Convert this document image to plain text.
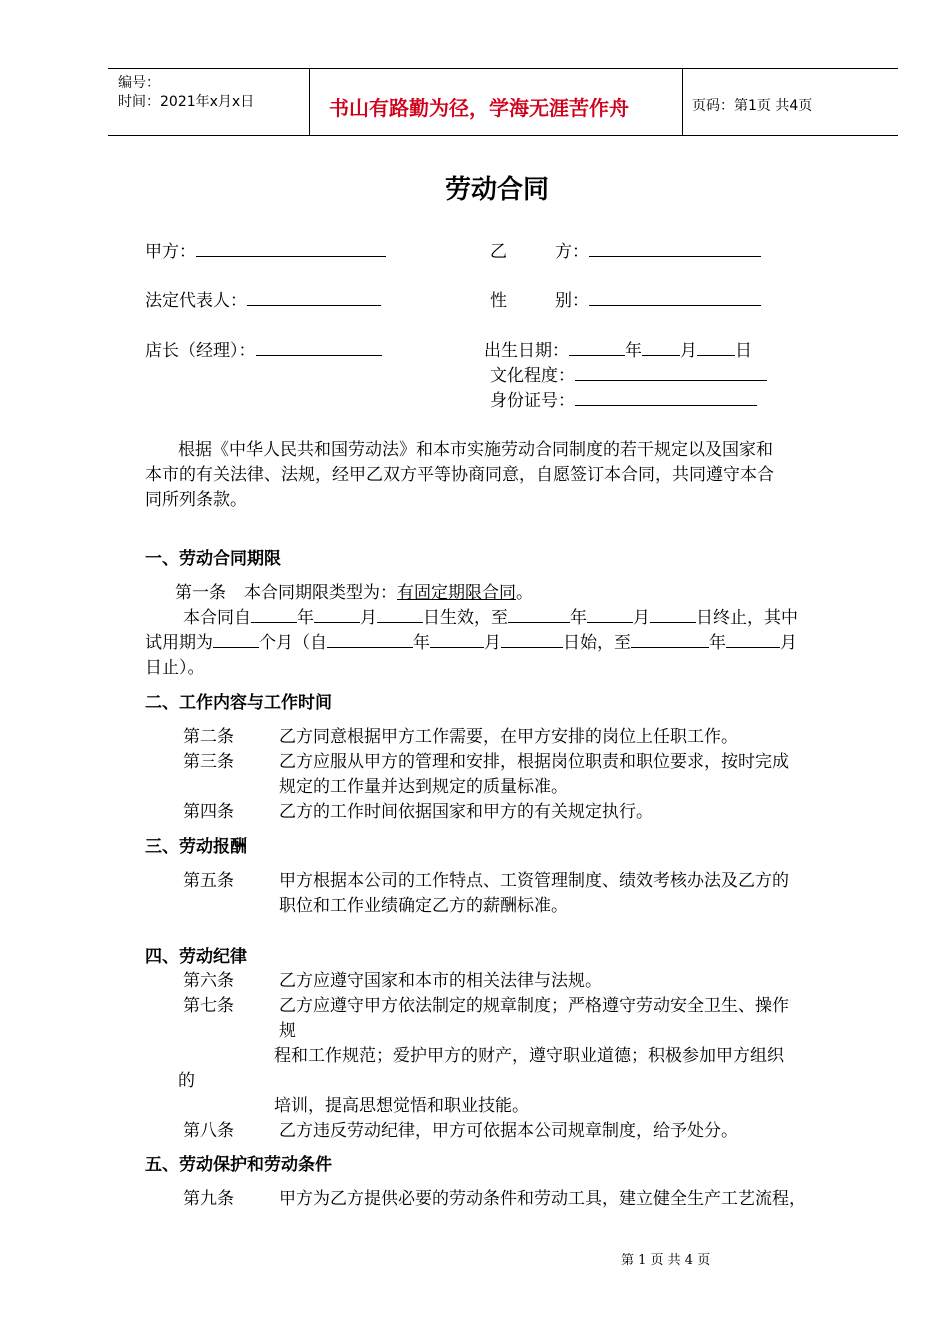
编号：
时间：2021年x月x日	书山有路勤为径，学海无涯苦作舟	页码：第1页 共4页
劳动合同
甲方：	乙	方：
法定代表人：	性	别：
店长（经理）：	出生日期：	年 月 日
文化程度：
身份证号：
根据《中华人民共和国劳动法》和本市实施劳动合同制度的若干规定以及国家和
本市的有关法律、法规，经甲乙双方平等协商同意，自愿签订本合同，共同遵守本合
同所列条款。
一、劳动合同期限
第一条 本合同期限类型为：有固定期限合同。
本合同自	年	月	日生效，至	年	月	日终止，其中
试用期为	个月（自	年	月	日始，至	年	月
日止）。
二、工作内容与工作时间
第二条	乙方同意根据甲方工作需要，在甲方安排的岗位上任职工作。
第三条	乙方应服从甲方的管理和安排，根据岗位职责和职位要求，按时完成
规定的工作量并达到规定的质量标准。
第四条	乙方的工作时间依据国家和甲方的有关规定执行。
三、劳动报酬
第五条	甲方根据本公司的工作特点、工资管理制度、绩效考核办法及乙方的
职位和工作业绩确定乙方的薪酬标准。
四、劳动纪律
第六条	乙方应遵守国家和本市的相关法律与法规。
第七条	乙方应遵守甲方依法制定的规章制度；严格遵守劳动安全卫生、操作
规
程和工作规范；爱护甲方的财产，遵守职业道德；积极参加甲方组织
的
培训，提高思想觉悟和职业技能。
第八条	乙方违反劳动纪律，甲方可依据本公司规章制度，给予处分。
五、劳动保护和劳动条件
第九条	甲方为乙方提供必要的劳动条件和劳动工具，建立健全生产工艺流程，
第 1 页 共 4 页
